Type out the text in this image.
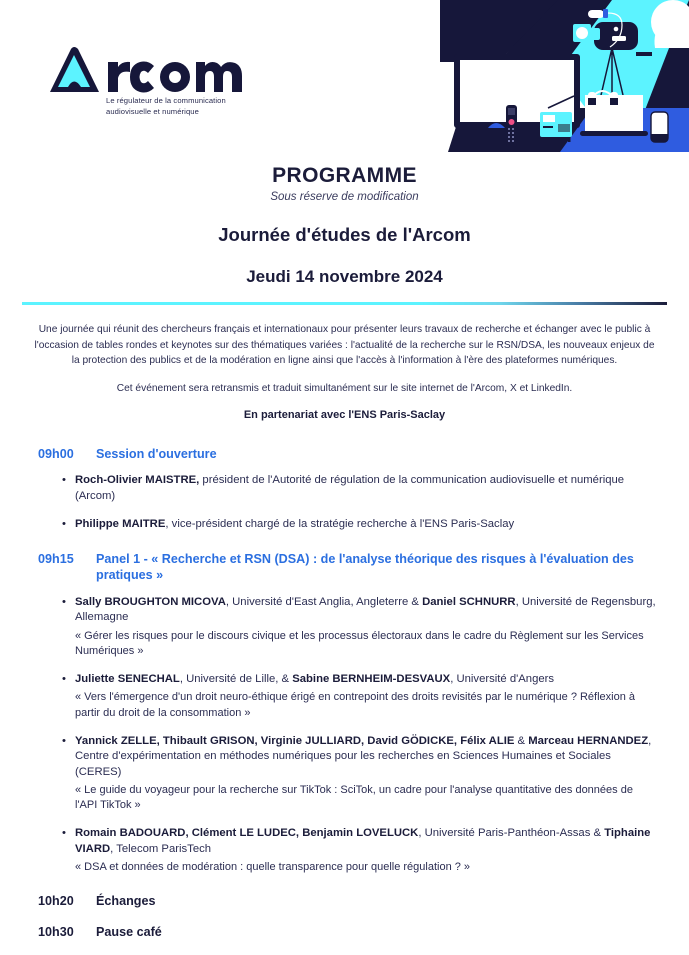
Le régulateur de la communication
audiovisuelle et numérique
PROGRAMME
Sous réserve de modification
Journée d'études de l'Arcom
Jeudi 14 novembre 2024

Une journée qui réunit des chercheurs français et internationaux pour présenter leurs travaux de recherche et échanger avec le public à l'occasion de tables rondes et keynotes sur des thématiques variées : l'actualité de la recherche sur le RSN/DSA, les nouveaux enjeux de la protection des publics et de la modération en ligne ainsi que l'accès à l'information à l'ère des plateformes numériques.

Cet événement sera retransmis et traduit simultanément sur le site internet de l'Arcom, X et LinkedIn.

En partenariat avec l'ENS Paris-Saclay

09h00	Session d'ouverture
• Roch-Olivier MAISTRE, président de l'Autorité de régulation de la communication audiovisuelle et numérique (Arcom)
• Philippe MAITRE, vice-président chargé de la stratégie recherche à l'ENS Paris-Saclay
09h15	Panel 1 - « Recherche et RSN (DSA) : de l'analyse théorique des risques à l'évaluation des pratiques »
• Sally BROUGHTON MICOVA, Université d'East Anglia, Angleterre & Daniel SCHNURR, Université de Regensburg, Allemagne
« Gérer les risques pour le discours civique et les processus électoraux dans le cadre du Règlement sur les Services Numériques »
• Juliette SENECHAL, Université de Lille, & Sabine BERNHEIM-DESVAUX, Université d'Angers
« Vers l'émergence d'un droit neuro-éthique érigé en contrepoint des droits revisités par le numérique ? Réflexion à partir du droit de la consommation »
• Yannick ZELLE, Thibault GRISON, Virginie JULLIARD, David GÖDICKE, Félix ALIE & Marceau HERNANDEZ, Centre d'expérimentation en méthodes numériques pour les recherches en Sciences Humaines et Sociales (CERES)
« Le guide du voyageur pour la recherche sur TikTok : SciTok, un cadre pour l'analyse quantitative des données de l'API TikTok »
• Romain BADOUARD, Clément LE LUDEC, Benjamin LOVELUCK, Université Paris-Panthéon-Assas & Tiphaine VIARD, Telecom ParisTech
« DSA et données de modération : quelle transparence pour quelle régulation ? »
10h20	Échanges
10h30	Pause café
